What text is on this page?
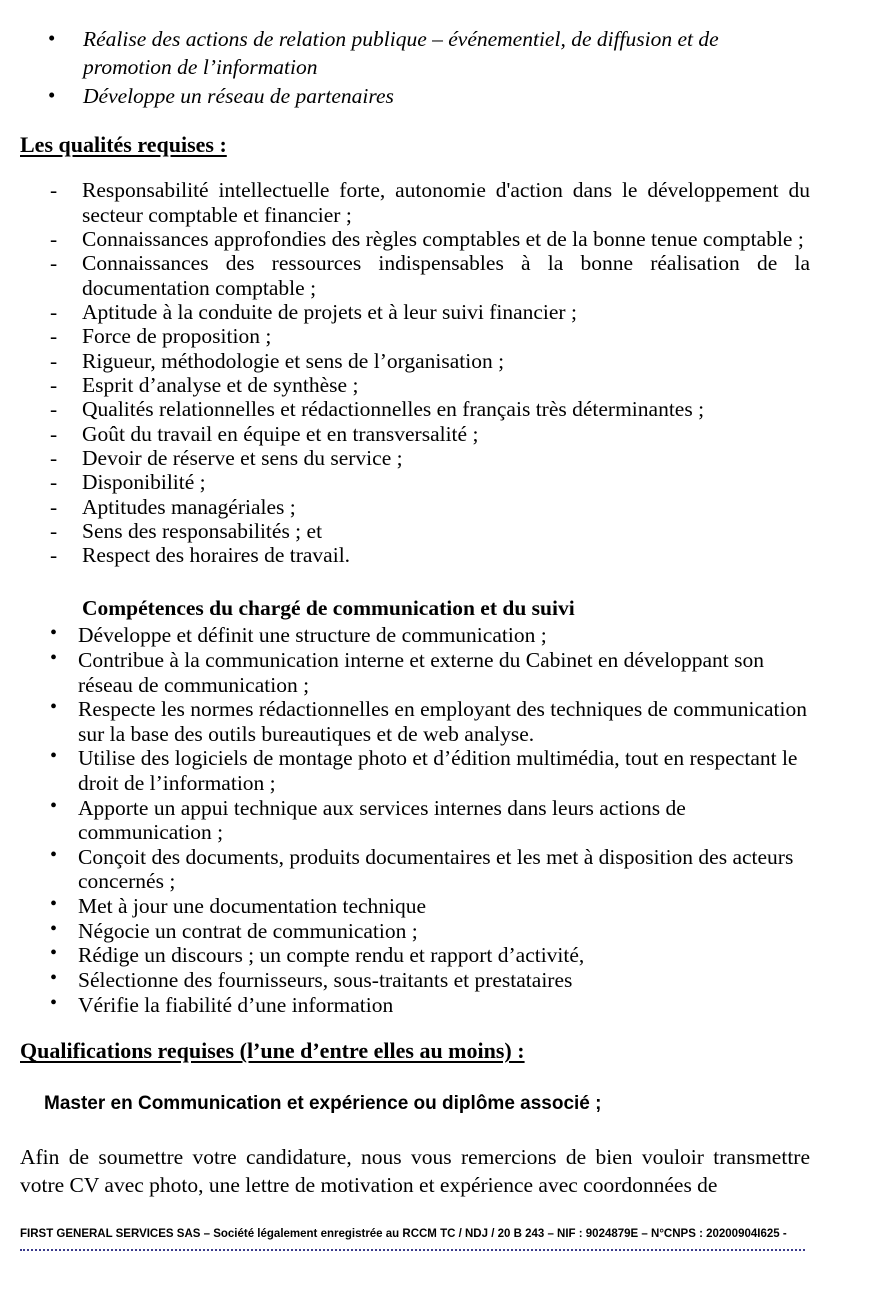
• Réalise des actions de relation publique – événementiel, de diffusion et de promotion de l’information
• Développe un réseau de partenaires

Les qualités requises :

- Responsabilité intellectuelle forte, autonomie d'action dans le développement du secteur comptable et financier ;
- Connaissances approfondies des règles comptables et de la bonne tenue comptable ;
- Connaissances des ressources indispensables à la bonne réalisation de la documentation comptable ;
- Aptitude à la conduite de projets et à leur suivi financier ;
- Force de proposition ;
- Rigueur, méthodologie et sens de l’organisation ;
- Esprit d’analyse et de synthèse ;
- Qualités relationnelles et rédactionnelles en français très déterminantes ;
- Goût du travail en équipe et en transversalité ;
- Devoir de réserve et sens du service ;
- Disponibilité ;
- Aptitudes managériales ;
- Sens des responsabilités ; et
- Respect des horaires de travail.

Compétences du chargé de communication et du suivi

• Développe et définit une structure de communication ;
• Contribue à la communication interne et externe du Cabinet en développant son réseau de communication ;
• Respecte les normes rédactionnelles en employant des techniques de communication sur la base des outils bureautiques et de web analyse.
• Utilise des logiciels de montage photo et d’édition multimédia, tout en respectant le droit de l’information ;
• Apporte un appui technique aux services internes dans leurs actions de communication ;
• Conçoit des documents, produits documentaires et les met à disposition des acteurs concernés ;
• Met à jour une documentation technique
• Négocie un contrat de communication ;
• Rédige un discours ; un compte rendu et rapport d’activité,
• Sélectionne des fournisseurs, sous-traitants et prestataires
• Vérifie la fiabilité d’une information

Qualifications requises (l’une d’entre elles au moins) :

Master en Communication et expérience ou diplôme associé ;

Afin de soumettre votre candidature, nous vous remercions de bien vouloir transmettre votre CV avec photo, une lettre de motivation et expérience avec coordonnées de

FIRST GENERAL SERVICES SAS – Société légalement enregistrée au RCCM TC / NDJ / 20 B 243 – NIF : 9024879E – N°CNPS : 20200904I625 -
